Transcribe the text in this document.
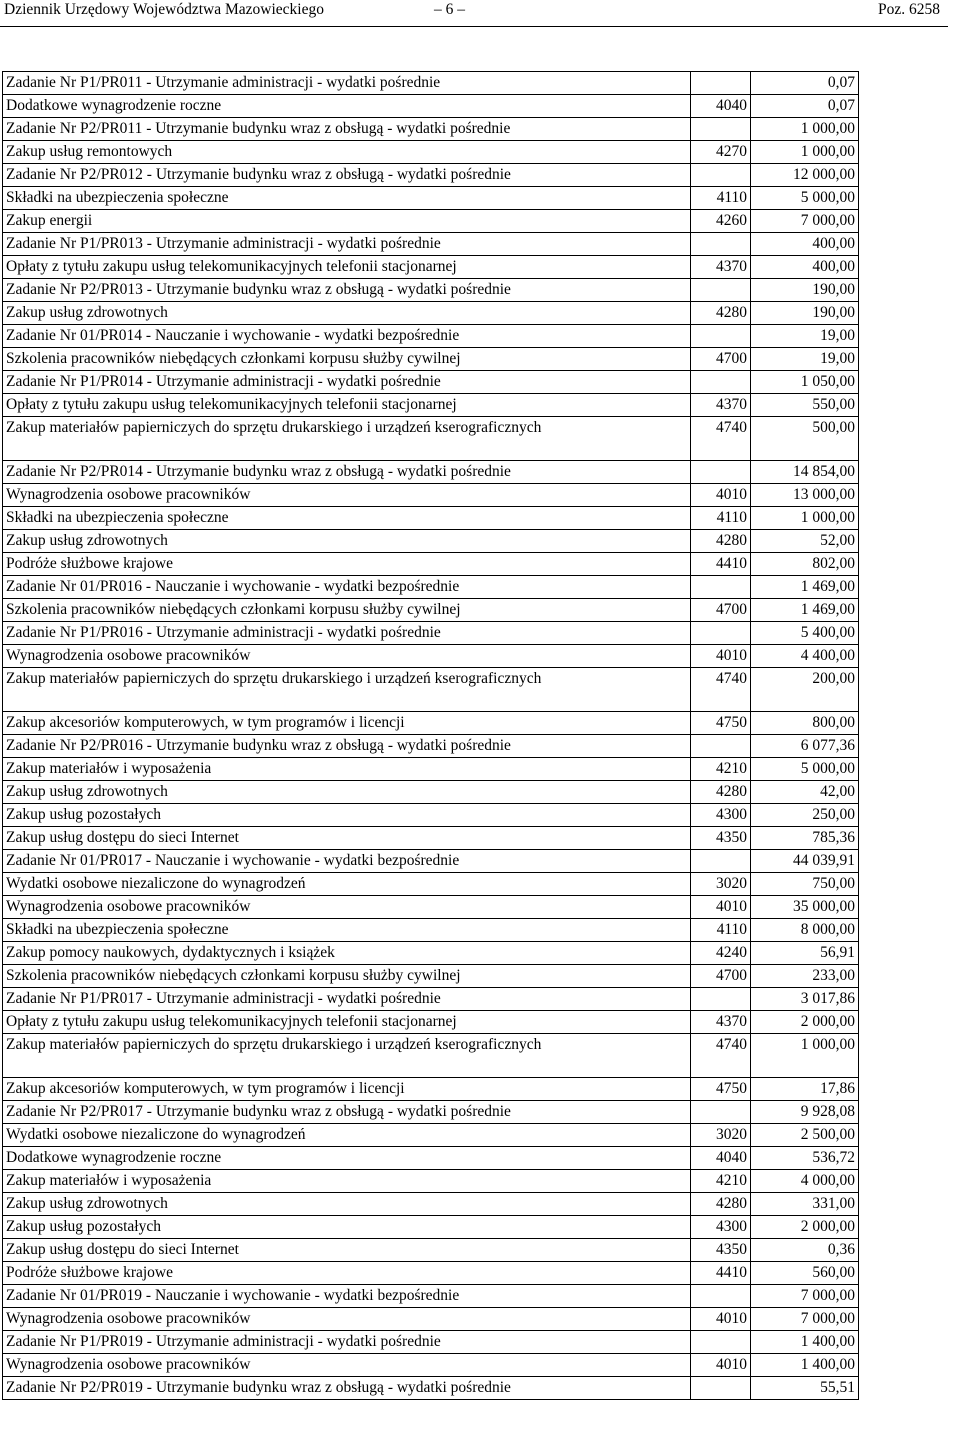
Dziennik Urzędowy Województwa Mazowieckiego	– 6 –	Poz. 6258
Zadanie Nr P1/PR011 - Utrzymanie administracji - wydatki pośrednie		0,07
Dodatkowe wynagrodzenie roczne	4040	0,07
Zadanie Nr P2/PR011 - Utrzymanie budynku wraz z obsługą - wydatki pośrednie		1 000,00
Zakup usług remontowych	4270	1 000,00
Zadanie Nr P2/PR012 - Utrzymanie budynku wraz z obsługą - wydatki pośrednie		12 000,00
Składki na ubezpieczenia społeczne	4110	5 000,00
Zakup energii	4260	7 000,00
Zadanie Nr P1/PR013 - Utrzymanie administracji - wydatki pośrednie		400,00
Opłaty z tytułu zakupu usług telekomunikacyjnych telefonii stacjonarnej	4370	400,00
Zadanie Nr P2/PR013 - Utrzymanie budynku wraz z obsługą - wydatki pośrednie		190,00
Zakup usług zdrowotnych	4280	190,00
Zadanie Nr 01/PR014 - Nauczanie i wychowanie - wydatki bezpośrednie		19,00
Szkolenia pracowników niebędących członkami korpusu służby cywilnej	4700	19,00
Zadanie Nr P1/PR014 - Utrzymanie administracji - wydatki pośrednie		1 050,00
Opłaty z tytułu zakupu usług telekomunikacyjnych telefonii stacjonarnej	4370	550,00
Zakup materiałów papierniczych do sprzętu drukarskiego i urządzeń kserograficznych	4740	500,00
Zadanie Nr P2/PR014 - Utrzymanie budynku wraz z obsługą - wydatki pośrednie		14 854,00
Wynagrodzenia osobowe pracowników	4010	13 000,00
Składki na ubezpieczenia społeczne	4110	1 000,00
Zakup usług zdrowotnych	4280	52,00
Podróże służbowe krajowe	4410	802,00
Zadanie Nr 01/PR016 - Nauczanie i wychowanie - wydatki bezpośrednie		1 469,00
Szkolenia pracowników niebędących członkami korpusu służby cywilnej	4700	1 469,00
Zadanie Nr P1/PR016 - Utrzymanie administracji - wydatki pośrednie		5 400,00
Wynagrodzenia osobowe pracowników	4010	4 400,00
Zakup materiałów papierniczych do sprzętu drukarskiego i urządzeń kserograficznych	4740	200,00
Zakup akcesoriów komputerowych, w tym programów i licencji	4750	800,00
Zadanie Nr P2/PR016 - Utrzymanie budynku wraz z obsługą - wydatki pośrednie		6 077,36
Zakup materiałów i wyposażenia	4210	5 000,00
Zakup usług zdrowotnych	4280	42,00
Zakup usług pozostałych	4300	250,00
Zakup usług dostępu do sieci Internet	4350	785,36
Zadanie Nr 01/PR017 - Nauczanie i wychowanie - wydatki bezpośrednie		44 039,91
Wydatki osobowe niezaliczone do wynagrodzeń	3020	750,00
Wynagrodzenia osobowe pracowników	4010	35 000,00
Składki na ubezpieczenia społeczne	4110	8 000,00
Zakup pomocy naukowych, dydaktycznych i książek	4240	56,91
Szkolenia pracowników niebędących członkami korpusu służby cywilnej	4700	233,00
Zadanie Nr P1/PR017 - Utrzymanie administracji - wydatki pośrednie		3 017,86
Opłaty z tytułu zakupu usług telekomunikacyjnych telefonii stacjonarnej	4370	2 000,00
Zakup materiałów papierniczych do sprzętu drukarskiego i urządzeń kserograficznych	4740	1 000,00
Zakup akcesoriów komputerowych, w tym programów i licencji	4750	17,86
Zadanie Nr P2/PR017 - Utrzymanie budynku wraz z obsługą - wydatki pośrednie		9 928,08
Wydatki osobowe niezaliczone do wynagrodzeń	3020	2 500,00
Dodatkowe wynagrodzenie roczne	4040	536,72
Zakup materiałów i wyposażenia	4210	4 000,00
Zakup usług zdrowotnych	4280	331,00
Zakup usług pozostałych	4300	2 000,00
Zakup usług dostępu do sieci Internet	4350	0,36
Podróże służbowe krajowe	4410	560,00
Zadanie Nr 01/PR019 - Nauczanie i wychowanie - wydatki bezpośrednie		7 000,00
Wynagrodzenia osobowe pracowników	4010	7 000,00
Zadanie Nr P1/PR019 - Utrzymanie administracji - wydatki pośrednie		1 400,00
Wynagrodzenia osobowe pracowników	4010	1 400,00
Zadanie Nr P2/PR019 - Utrzymanie budynku wraz z obsługą - wydatki pośrednie		55,51
